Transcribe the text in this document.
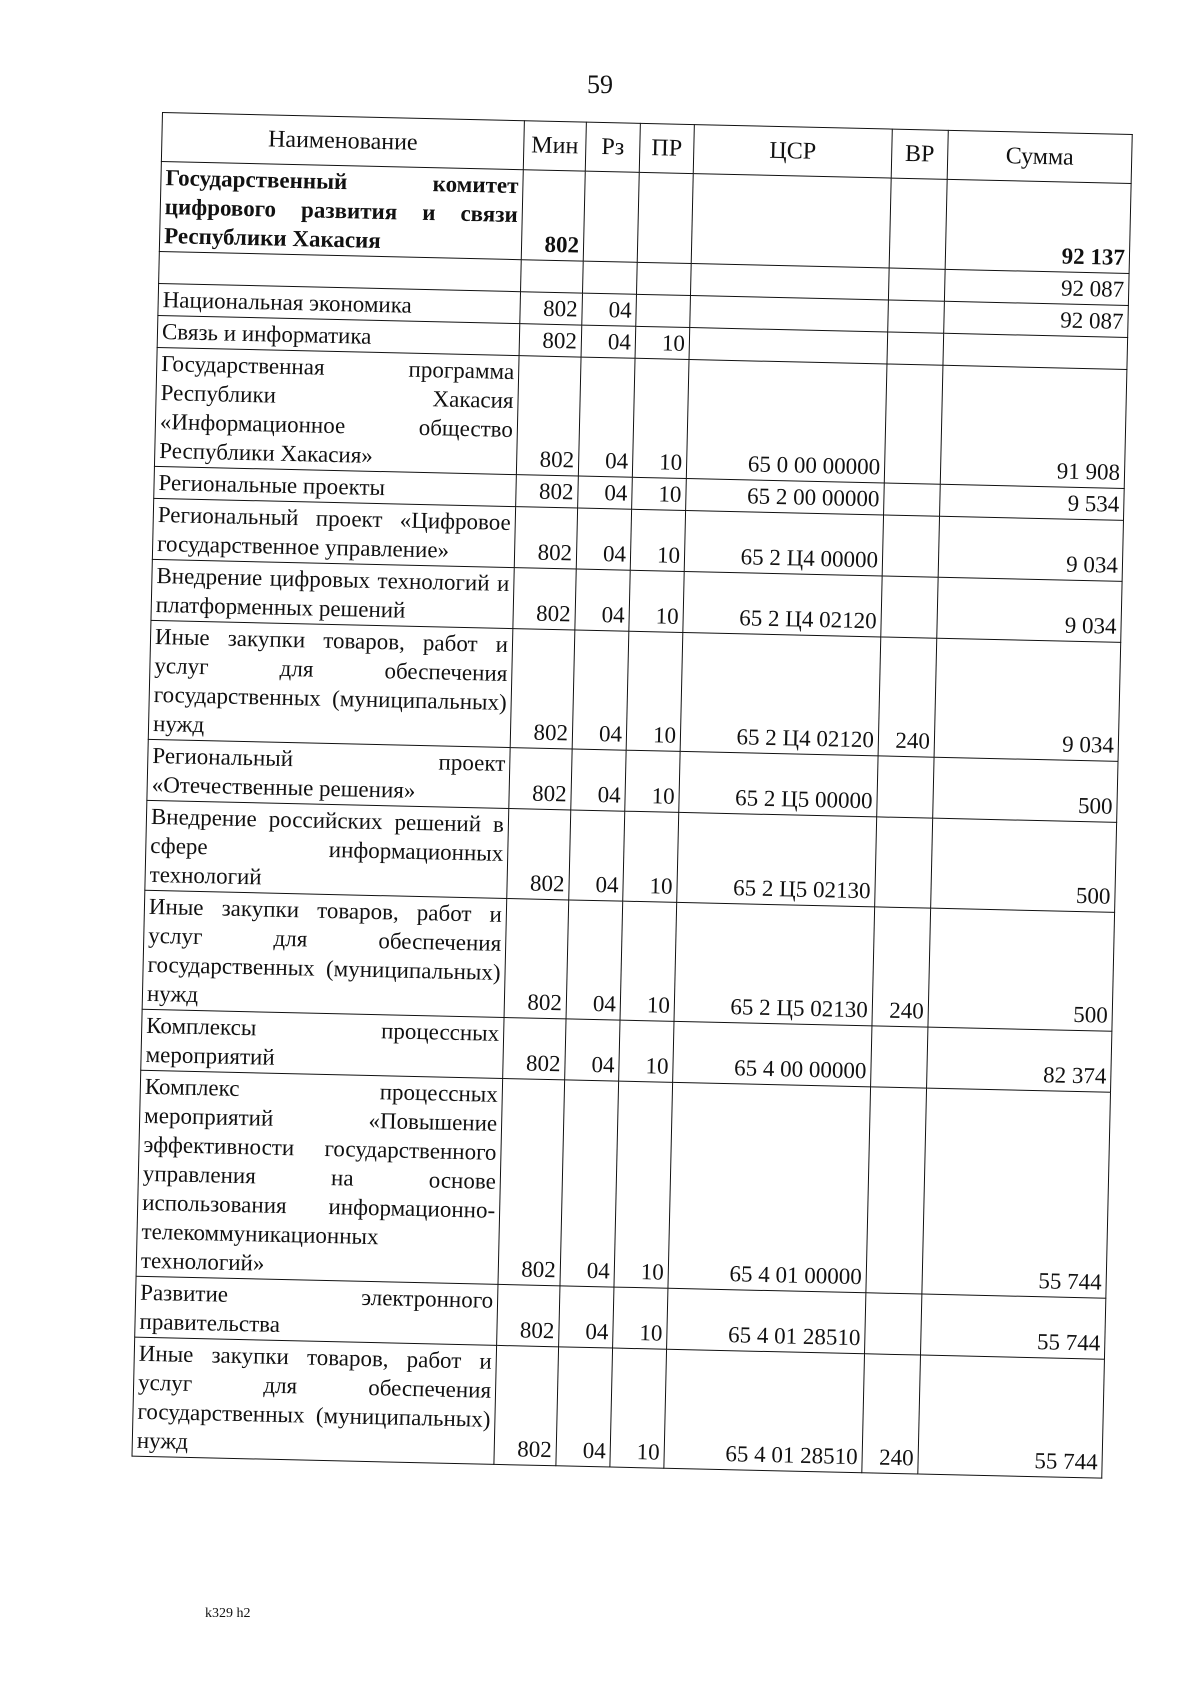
59
Наименование	Мин	Рз	ПР	ЦСР	ВР	Сумма
Государственный комитет цифрового развития и связи Республики Хакасия	802					92 137
						92 087
Национальная экономика	802	04				92 087
Связь и информатика	802	04	10			
Государственная программа Республики Хакасия «Информационное общество Республики Хакасия»	802	04	10	65 0 00 00000		91 908
Региональные проекты	802	04	10	65 2 00 00000		9 534
Региональный проект «Цифровое государственное управление»	802	04	10	65 2 Ц4 00000		9 034
Внедрение цифровых технологий и платформенных решений	802	04	10	65 2 Ц4 02120		9 034
Иные закупки товаров, работ и услуг для обеспечения государственных (муниципальных) нужд	802	04	10	65 2 Ц4 02120	240	9 034
Региональный проект «Отечественные решения»	802	04	10	65 2 Ц5 00000		500
Внедрение российских решений в сфере информационных технологий	802	04	10	65 2 Ц5 02130		500
Иные закупки товаров, работ и услуг для обеспечения государственных (муниципальных) нужд	802	04	10	65 2 Ц5 02130	240	500
Комплексы процессных мероприятий	802	04	10	65 4 00 00000		82 374
Комплекс процессных мероприятий «Повышение эффективности государственного управления на основе использования информационно-телекоммуникационных технологий»	802	04	10	65 4 01 00000		55 744
Развитие электронного правительства	802	04	10	65 4 01 28510		55 744
Иные закупки товаров, работ и услуг для обеспечения государственных (муниципальных) нужд	802	04	10	65 4 01 28510	240	55 744
k329 h2
